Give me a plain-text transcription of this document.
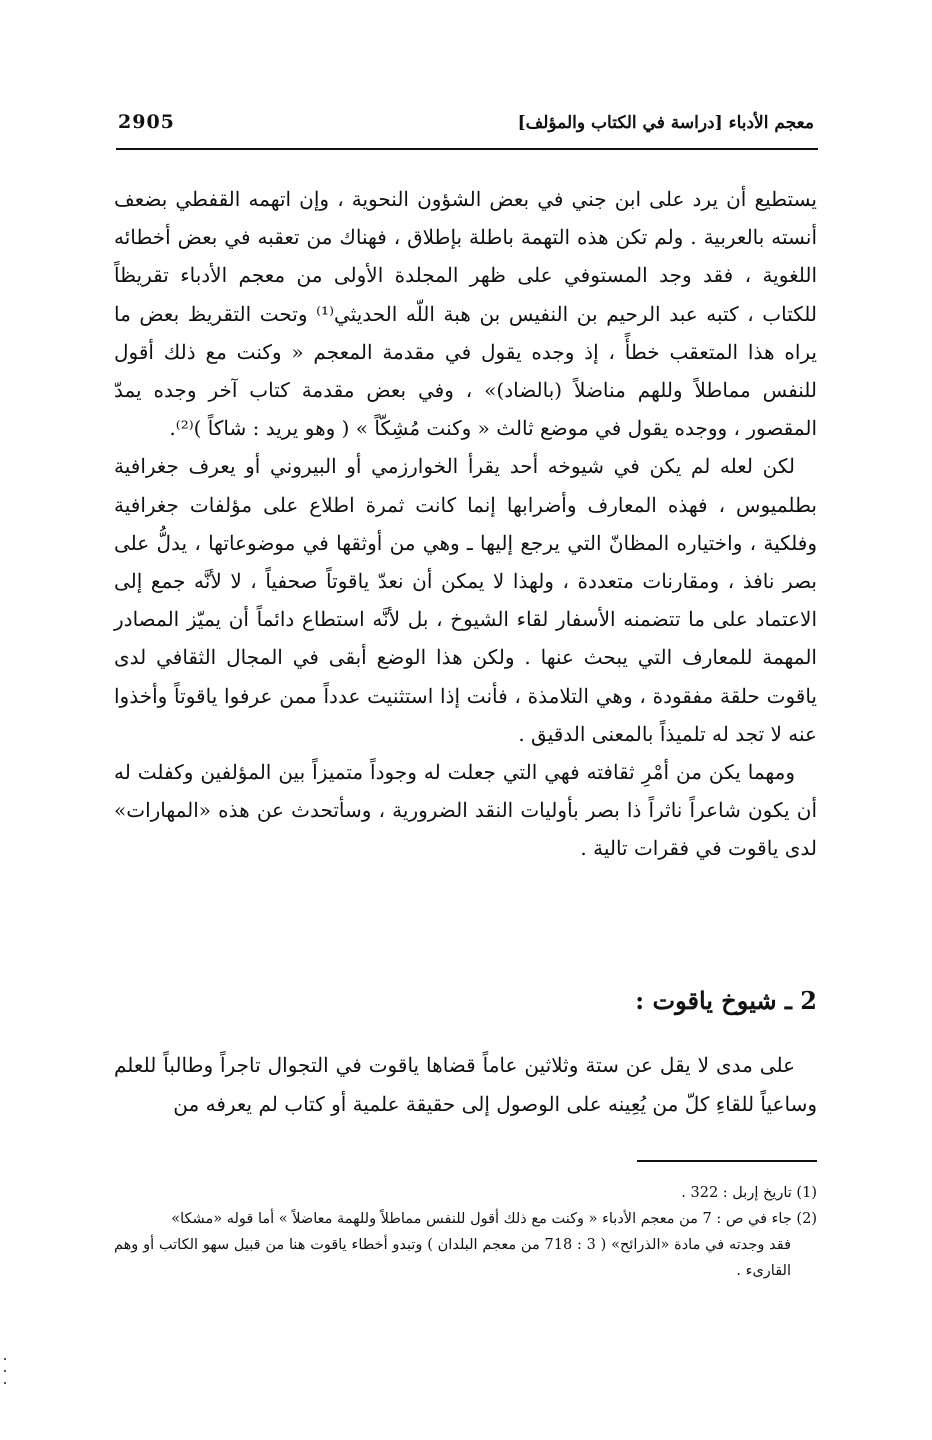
معجم الأدباء [دراسة في الكتاب والمؤلف]
2905

يستطيع أن يرد على ابن جني في بعض الشؤون النحوية ، وإن اتهمه القفطي بضعف أنسته بالعربية . ولم تكن هذه التهمة باطلة بإطلاق ، فهناك من تعقبه في بعض أخطائه اللغوية ، فقد وجد المستوفي على ظهر المجلدة الأولى من معجم الأدباء تقريظاً للكتاب ، كتبه عبد الرحيم بن النفيس بن هبة اللّه الحديثي⁽¹⁾ وتحت التقريظ بعض ما يراه هذا المتعقب خطأً ، إذ وجده يقول في مقدمة المعجم « وكنت مع ذلك أقول للنفس مماطلاً وللهم مناضلاً (بالضاد)» ، وفي بعض مقدمة كتاب آخر وجده يمدّ المقصور ، ووجده يقول في موضع ثالث « وكنت مُشِكّاً » ( وهو يريد : شاكاً )⁽²⁾.

لكن لعله لم يكن في شيوخه أحد يقرأ الخوارزمي أو البيروني أو يعرف جغرافية بطلميوس ، فهذه المعارف وأضرابها إنما كانت ثمرة اطلاع على مؤلفات جغرافية وفلكية ، واختياره المظانّ التي يرجع إليها ـ وهي من أوثقها في موضوعاتها ، يدلُّ على بصر نافذ ، ومقارنات متعددة ، ولهذا لا يمكن أن نعدّ ياقوتاً صحفياً ، لا لأنَّه جمع إلى الاعتماد على ما تتضمنه الأسفار لقاء الشيوخ ، بل لأنَّه استطاع دائماً أن يميّز المصادر المهمة للمعارف التي يبحث عنها . ولكن هذا الوضع أبقى في المجال الثقافي لدى ياقوت حلقة مفقودة ، وهي التلامذة ، فأنت إذا استثنيت عدداً ممن عرفوا ياقوتاً وأخذوا عنه لا تجد له تلميذاً بالمعنى الدقيق .

ومهما يكن من أمْرِ ثقافته فهي التي جعلت له وجوداً متميزاً بين المؤلفين وكفلت له أن يكون شاعراً ناثراً ذا بصر بأوليات النقد الضرورية ، وسأتحدث عن هذه «المهارات» لدى ياقوت في فقرات تالية .

2 ـ شيوخ ياقوت :

على مدى لا يقل عن ستة وثلاثين عاماً قضاها ياقوت في التجوال تاجراً وطالباً للعلم وساعياً للقاءِ كلّ من يُعِينه على الوصول إلى حقيقة علمية أو كتاب لم يعرفه من

(1) تاريخ إربل : 322 .

(2) جاء في ص : 7 من معجم الأدباء « وكنت مع ذلك أقول للنفس مماطلاً وللهمة معاضلاً » أما قوله «مشكا»

فقد وجدته في مادة «الذرائح» ( 3 : 718 من معجم البلدان ) وتبدو أخطاء ياقوت هنا من قبيل سهو الكاتب أو وهم القارىء .
